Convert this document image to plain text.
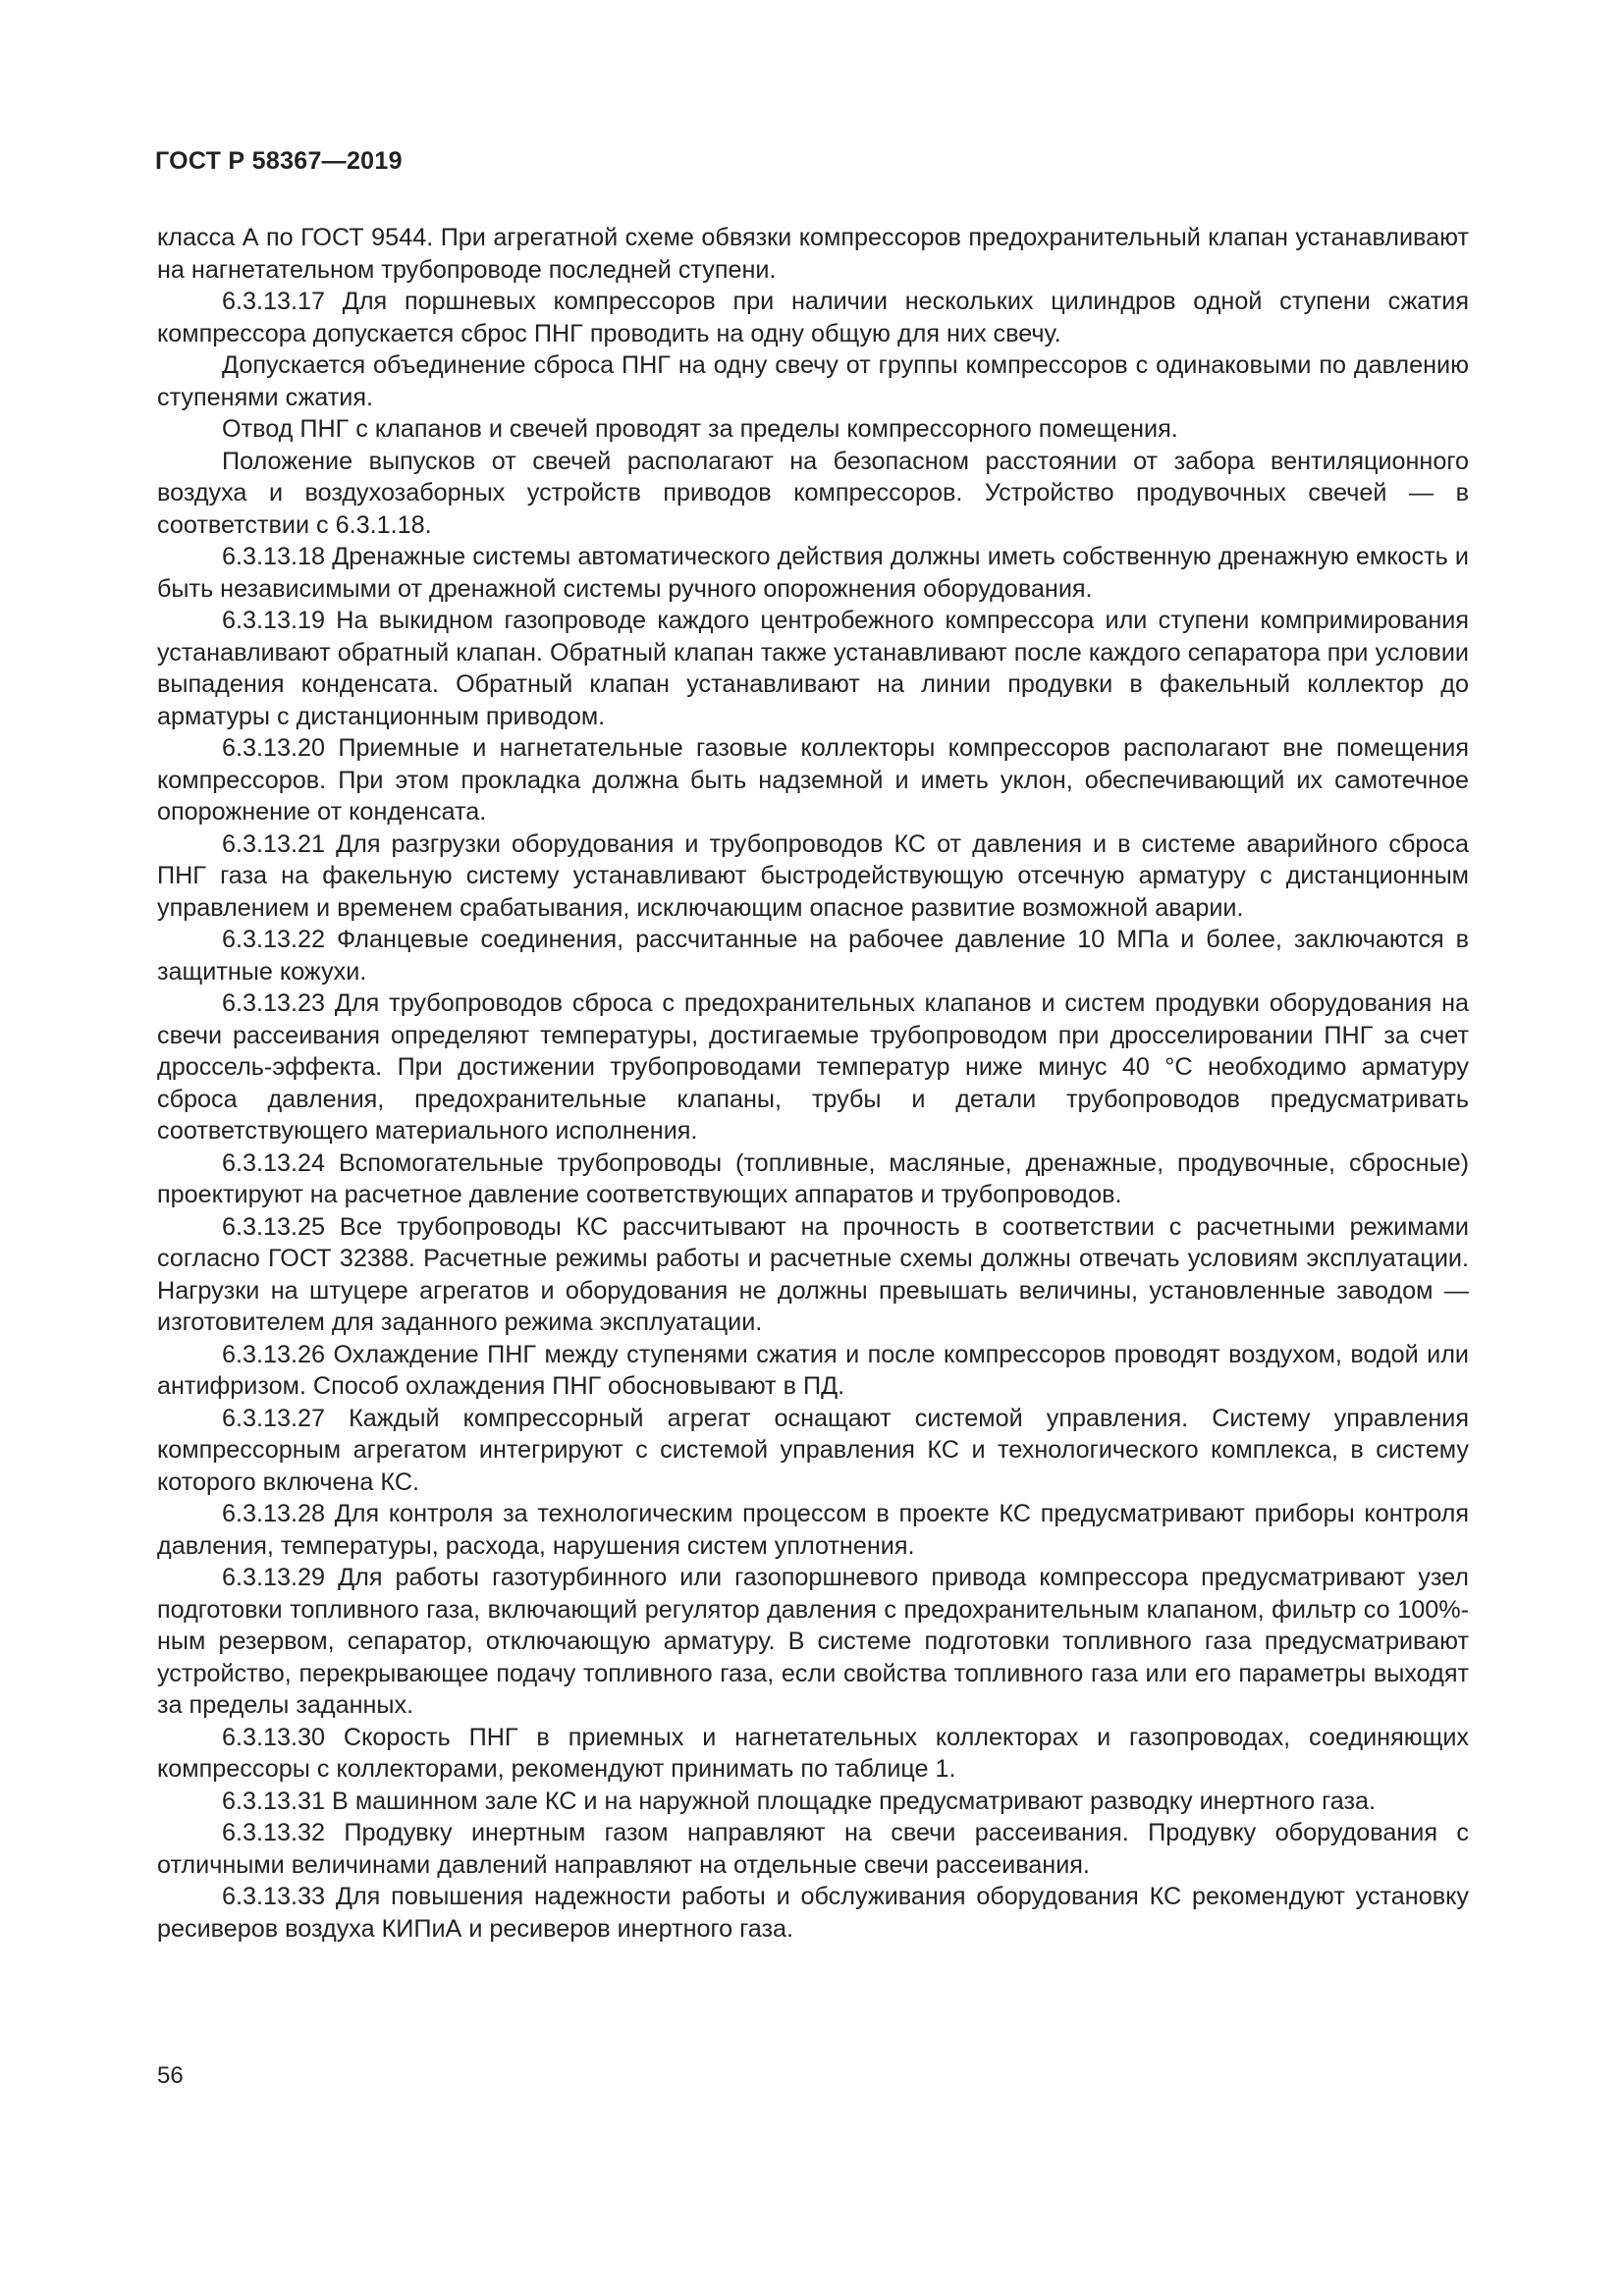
ГОСТ Р 58367—2019

класса А по ГОСТ 9544. При агрегатной схеме обвязки компрессоров предохранительный клапан устанавливают на нагнетательном трубопроводе последней ступени.

6.3.13.17 Для поршневых компрессоров при наличии нескольких цилиндров одной ступени сжатия компрессора допускается сброс ПНГ проводить на одну общую для них свечу.

Допускается объединение сброса ПНГ на одну свечу от группы компрессоров с одинаковыми по давлению ступенями сжатия.

Отвод ПНГ с клапанов и свечей проводят за пределы компрессорного помещения.

Положение выпусков от свечей располагают на безопасном расстоянии от забора вентиляционного воздуха и воздухозаборных устройств приводов компрессоров. Устройство продувочных свечей — в соответствии с 6.3.1.18.

6.3.13.18 Дренажные системы автоматического действия должны иметь собственную дренажную емкость и быть независимыми от дренажной системы ручного опорожнения оборудования.

6.3.13.19 На выкидном газопроводе каждого центробежного компрессора или ступени компримирования устанавливают обратный клапан. Обратный клапан также устанавливают после каждого сепаратора при условии выпадения конденсата. Обратный клапан устанавливают на линии продувки в факельный коллектор до арматуры с дистанционным приводом.

6.3.13.20 Приемные и нагнетательные газовые коллекторы компрессоров располагают вне помещения компрессоров. При этом прокладка должна быть надземной и иметь уклон, обеспечивающий их самотечное опорожнение от конденсата.

6.3.13.21 Для разгрузки оборудования и трубопроводов КС от давления и в системе аварийного сброса ПНГ газа на факельную систему устанавливают быстродействующую отсечную арматуру с дистанционным управлением и временем срабатывания, исключающим опасное развитие возможной аварии.

6.3.13.22 Фланцевые соединения, рассчитанные на рабочее давление 10 МПа и более, заключаются в защитные кожухи.

6.3.13.23 Для трубопроводов сброса с предохранительных клапанов и систем продувки оборудования на свечи рассеивания определяют температуры, достигаемые трубопроводом при дросселировании ПНГ за счет дроссель-эффекта. При достижении трубопроводами температур ниже минус 40 °С необходимо арматуру сброса давления, предохранительные клапаны, трубы и детали трубопроводов предусматривать соответствующего материального исполнения.

6.3.13.24 Вспомогательные трубопроводы (топливные, масляные, дренажные, продувочные, сбросные) проектируют на расчетное давление соответствующих аппаратов и трубопроводов.

6.3.13.25 Все трубопроводы КС рассчитывают на прочность в соответствии с расчетными режимами согласно ГОСТ 32388. Расчетные режимы работы и расчетные схемы должны отвечать условиям эксплуатации. Нагрузки на штуцере агрегатов и оборудования не должны превышать величины, установленные заводом — изготовителем для заданного режима эксплуатации.

6.3.13.26 Охлаждение ПНГ между ступенями сжатия и после компрессоров проводят воздухом, водой или антифризом. Способ охлаждения ПНГ обосновывают в ПД.

6.3.13.27 Каждый компрессорный агрегат оснащают системой управления. Систему управления компрессорным агрегатом интегрируют с системой управления КС и технологического комплекса, в систему которого включена КС.

6.3.13.28 Для контроля за технологическим процессом в проекте КС предусматривают приборы контроля давления, температуры, расхода, нарушения систем уплотнения.

6.3.13.29 Для работы газотурбинного или газопоршневого привода компрессора предусматривают узел подготовки топливного газа, включающий регулятор давления с предохранительным клапаном, фильтр со 100%-ным резервом, сепаратор, отключающую арматуру. В системе подготовки топливного газа предусматривают устройство, перекрывающее подачу топливного газа, если свойства топливного газа или его параметры выходят за пределы заданных.

6.3.13.30 Скорость ПНГ в приемных и нагнетательных коллекторах и газопроводах, соединяющих компрессоры с коллекторами, рекомендуют принимать по таблице 1.

6.3.13.31 В машинном зале КС и на наружной площадке предусматривают разводку инертного газа.

6.3.13.32 Продувку инертным газом направляют на свечи рассеивания. Продувку оборудования с отличными величинами давлений направляют на отдельные свечи рассеивания.

6.3.13.33 Для повышения надежности работы и обслуживания оборудования КС рекомендуют установку ресиверов воздуха КИПиА и ресиверов инертного газа.

56
